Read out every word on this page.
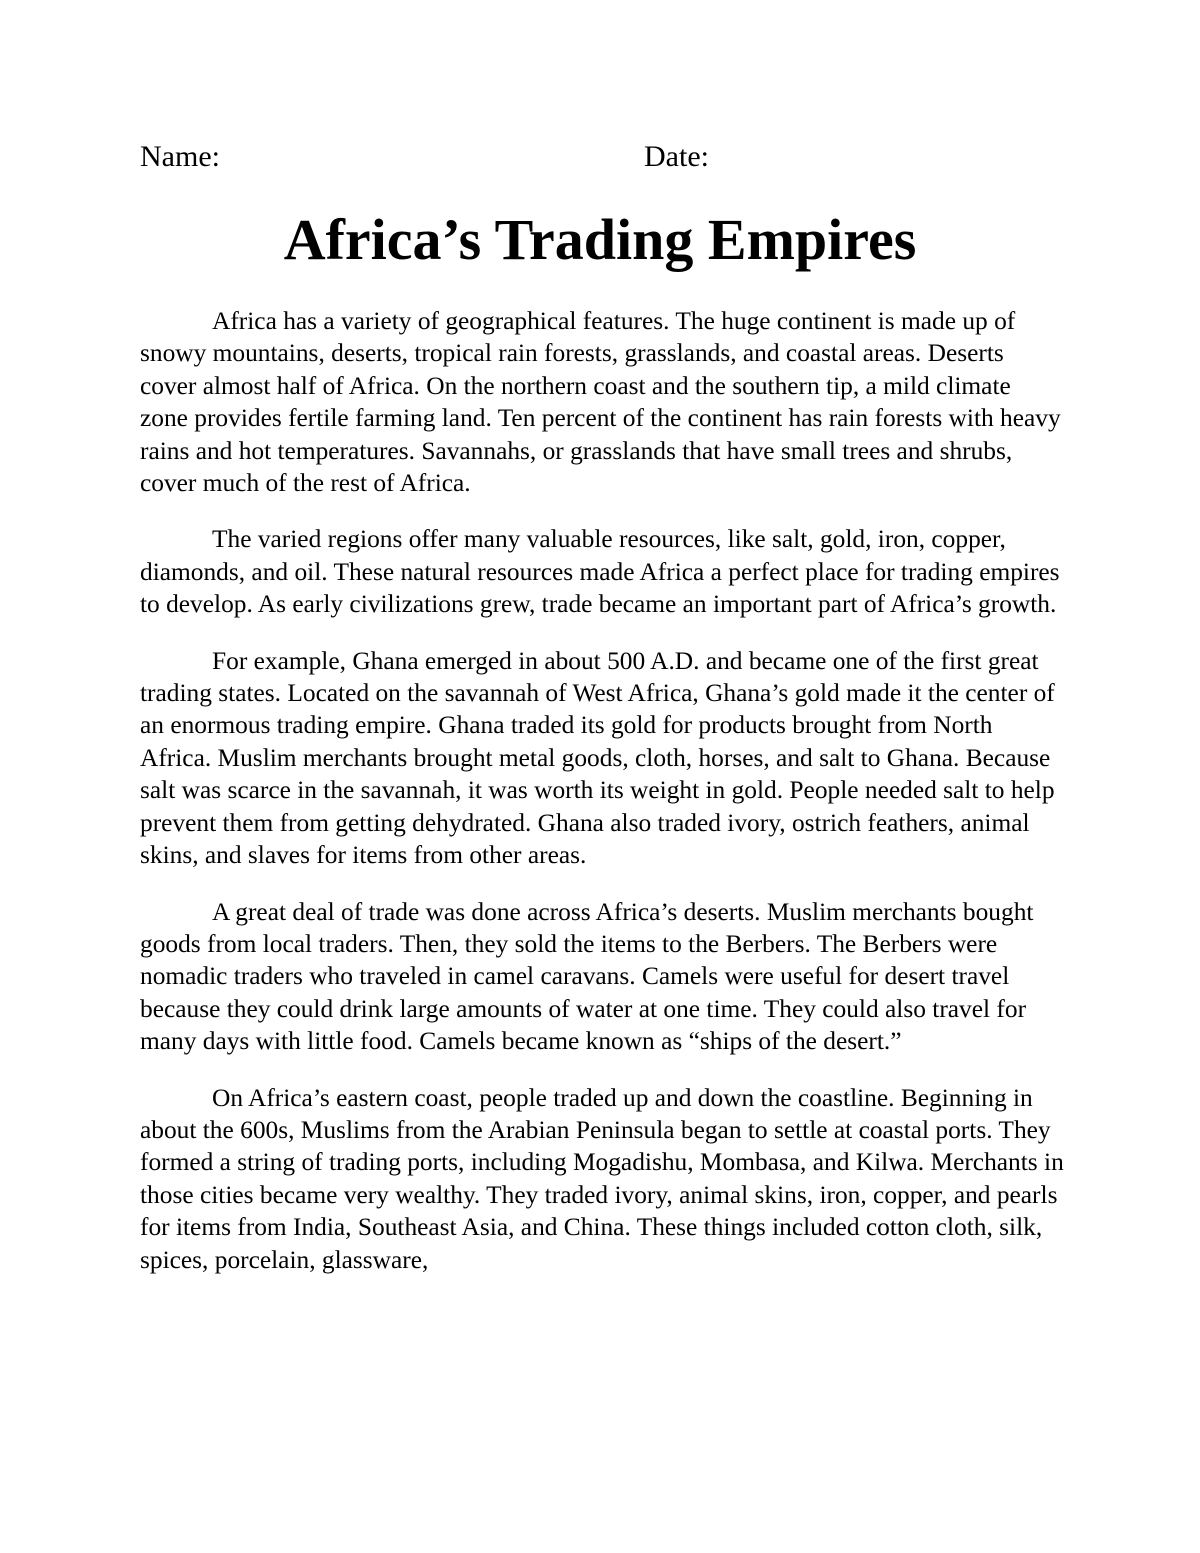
Name:	Date:
Africa’s Trading Empires

Africa has a variety of geographical features. The huge continent is made up of snowy mountains, deserts, tropical rain forests, grasslands, and coastal areas. Deserts cover almost half of Africa. On the northern coast and the southern tip, a mild climate zone provides fertile farming land. Ten percent of the continent has rain forests with heavy rains and hot temperatures. Savannahs, or grasslands that have small trees and shrubs, cover much of the rest of Africa.

The varied regions offer many valuable resources, like salt, gold, iron, copper, diamonds, and oil. These natural resources made Africa a perfect place for trading empires to develop. As early civilizations grew, trade became an important part of Africa’s growth.

For example, Ghana emerged in about 500 A.D. and became one of the first great trading states. Located on the savannah of West Africa, Ghana’s gold made it the center of an enormous trading empire. Ghana traded its gold for products brought from North Africa. Muslim merchants brought metal goods, cloth, horses, and salt to Ghana. Because salt was scarce in the savannah, it was worth its weight in gold. People needed salt to help prevent them from getting dehydrated. Ghana also traded ivory, ostrich feathers, animal skins, and slaves for items from other areas.

A great deal of trade was done across Africa’s deserts. Muslim merchants bought goods from local traders. Then, they sold the items to the Berbers. The Berbers were nomadic traders who traveled in camel caravans. Camels were useful for desert travel because they could drink large amounts of water at one time. They could also travel for many days with little food. Camels became known as “ships of the desert.”

On Africa’s eastern coast, people traded up and down the coastline. Beginning in about the 600s, Muslims from the Arabian Peninsula began to settle at coastal ports. They formed a string of trading ports, including Mogadishu, Mombasa, and Kilwa. Merchants in those cities became very wealthy. They traded ivory, animal skins, iron, copper, and pearls for items from India, Southeast Asia, and China. These things included cotton cloth, silk, spices, porcelain, glassware,
